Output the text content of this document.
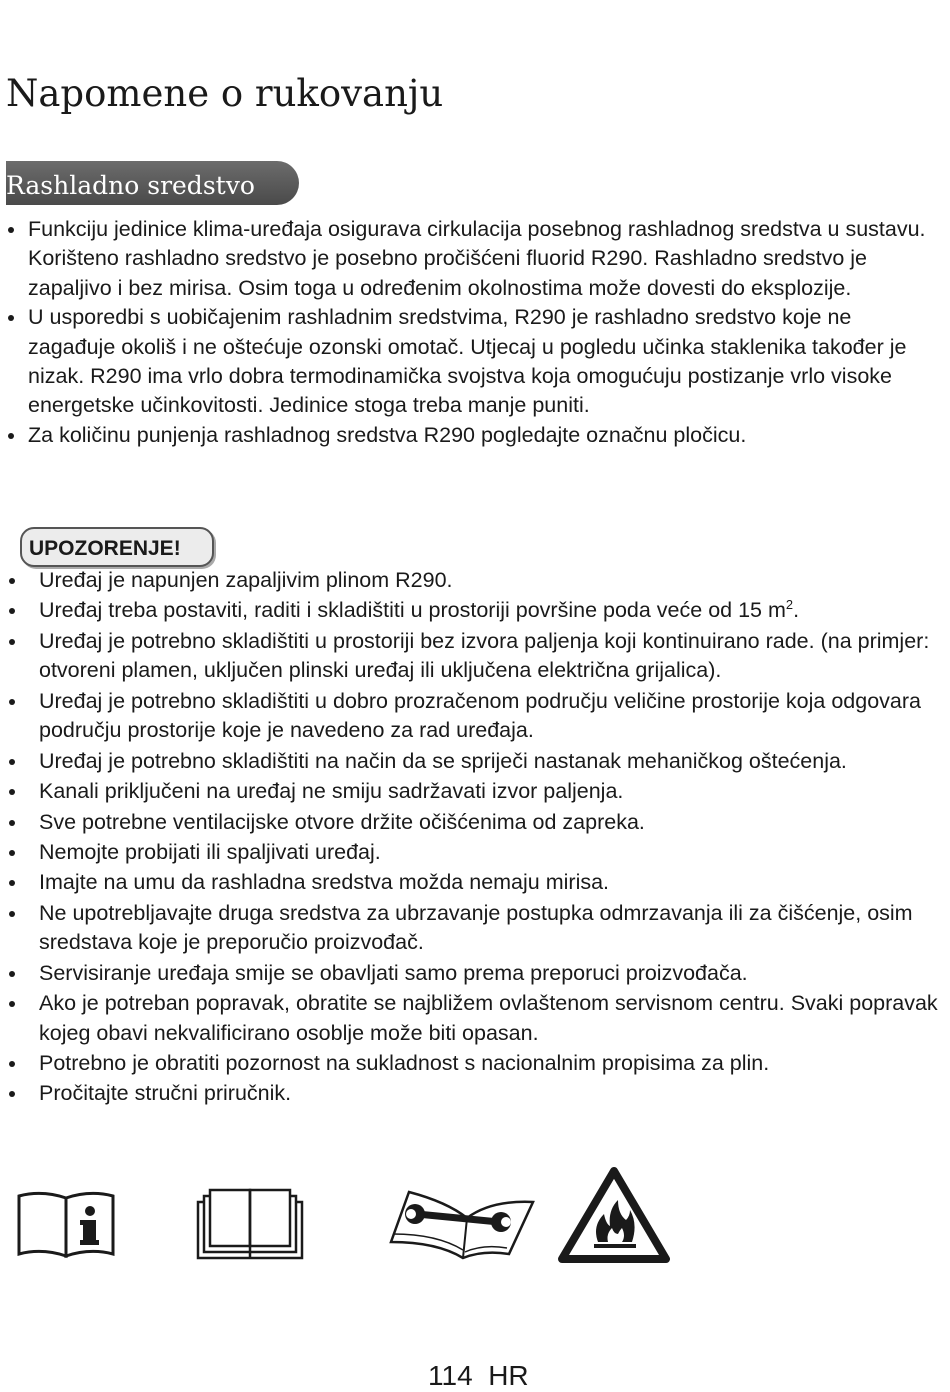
Napomene o rukovanju
Rashladno sredstvo
Funkciju jedinice klima-uređaja osigurava cirkulacija posebnog rashladnog sredstva u sustavu. Korišteno rashladno sredstvo je posebno pročišćeni fluorid R290. Rashladno sredstvo je zapaljivo i bez mirisa. Osim toga u određenim okolnostima može dovesti do eksplozije.
U usporedbi s uobičajenim rashladnim sredstvima, R290 je rashladno sredstvo koje ne zagađuje okoliš i ne oštećuje ozonski omotač. Utjecaj u pogledu učinka staklenika također je nizak. R290 ima vrlo dobra termodinamička svojstva koja omogućuju postizanje vrlo visoke energetske učinkovitosti. Jedinice stoga treba manje puniti.
Za količinu punjenja rashladnog sredstva R290 pogledajte označnu pločicu.
UPOZORENJE!
Uređaj je napunjen zapaljivim plinom R290.
Uređaj treba postaviti, raditi i skladištiti u prostoriji površine poda veće od 15 $m^2$.
Uređaj je potrebno skladištiti u prostoriji bez izvora paljenja koji kontinuirano rade. (na primjer: otvoreni plamen, uključen plinski uređaj ili uključena električna grijalica).
Uređaj je potrebno skladištiti u dobro prozračenom području veličine prostorije koja odgovara području prostorije koje je navedeno za rad uređaja.
Uređaj je potrebno skladištiti na način da se spriječi nastanak mehaničkog oštećenja.
Kanali priključeni na uređaj ne smiju sadržavati izvor paljenja.
Sve potrebne ventilacijske otvore držite očišćenima od zapreka.
Nemojte probijati ili spaljivati uređaj.
Imajte na umu da rashladna sredstva možda nemaju mirisa.
Ne upotrebljavajte druga sredstva za ubrzavanje postupka odmrzavanja ili za čišćenje, osim sredstava koje je preporučio proizvođač.
Servisiranje uređaja smije se obavljati samo prema preporuci proizvođača.
Ako je potreban popravak, obratite se najbližem ovlaštenom servisnom centru. Svaki popravak kojeg obavi nekvalificirano osoblje može biti opasan.
Potrebno je obratiti pozornost na sukladnost s nacionalnim propisima za plin.
Pročitajte stručni priručnik.
114 HR
